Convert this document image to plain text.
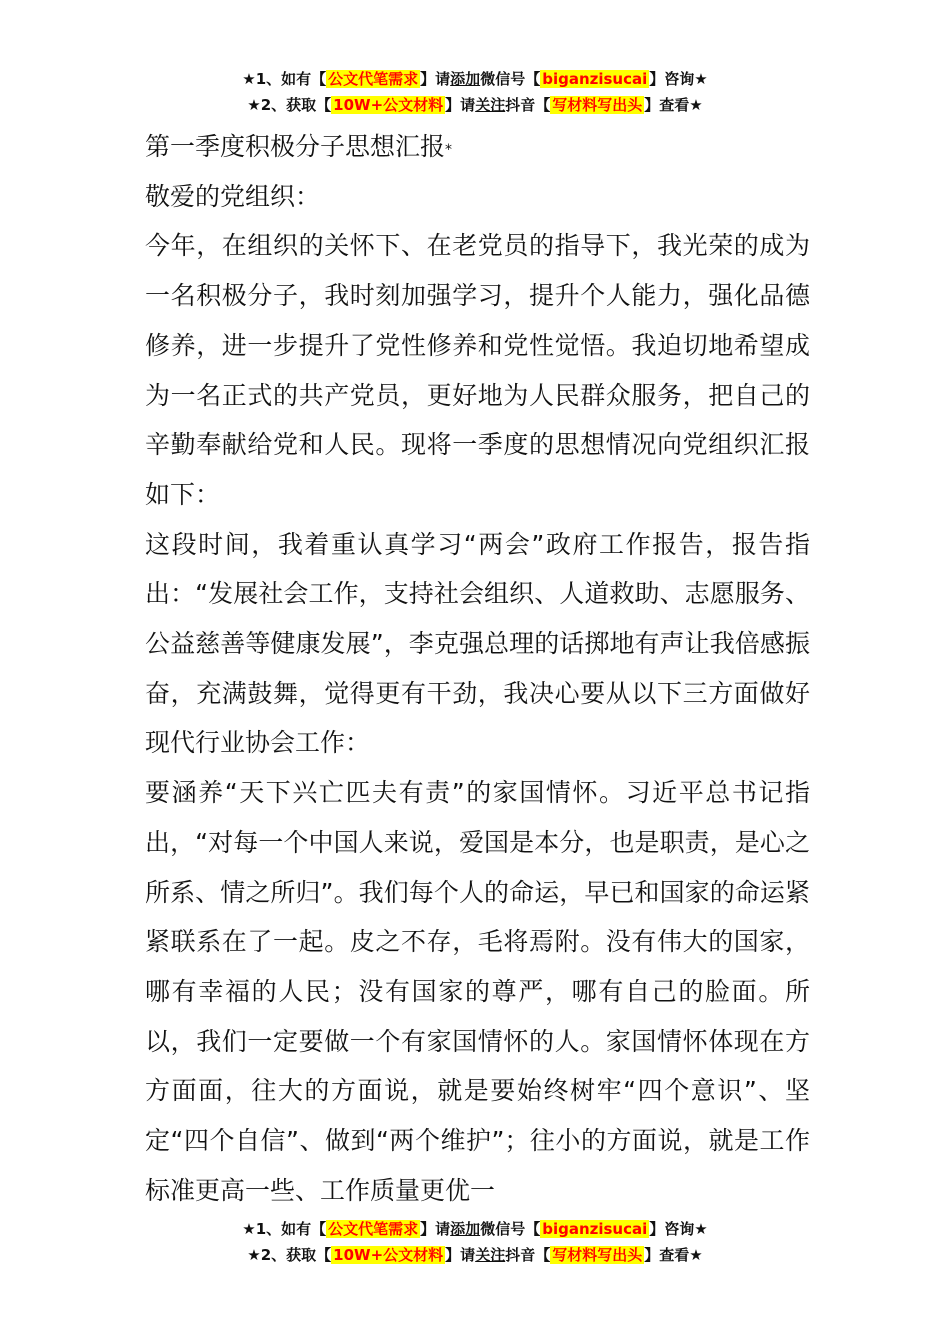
★1、如有【 公文代笔需求 】请添加微信号【 biganzisucai 】咨询★
★2、获取【 10W+公文材料 】请关注抖音【 写材料写出头 】查看★

第一季度积极分子思想汇报*

敬爱的党组织：

今年，在组织的关怀下、在老党员的指导下，我光荣的成为一名积极分子，我时刻加强学习，提升个人能力，强化品德修养，进一步提升了党性修养和党性觉悟。我迫切地希望成为一名正式的共产党员，更好地为人民群众服务，把自己的辛勤奉献给党和人民。现将一季度的思想情况向党组织汇报如下：

这段时间，我着重认真学习“两会”政府工作报告，报告指出：“发展社会工作，支持社会组织、人道救助、志愿服务、公益慈善等健康发展”，李克强总理的话掷地有声让我倍感振奋，充满鼓舞，觉得更有干劲，我决心要从以下三方面做好现代行业协会工作：

要涵养“天下兴亡匹夫有责”的家国情怀。习近平总书记指出，“对每一个中国人来说，爱国是本分，也是职责，是心之所系、情之所归”。我们每个人的命运，早已和国家的命运紧紧联系在了一起。皮之不存，毛将焉附。没有伟大的国家，哪有幸福的人民；没有国家的尊严，哪有自己的脸面。所以，我们一定要做一个有家国情怀的人。家国情怀体现在方方面面，往大的方面说，就是要始终树牢“四个意识”、坚定“四个自信”、做到“两个维护”；往小的方面说，就是工作标准更高一些、工作质量更优一

★1、如有【 公文代笔需求 】请添加微信号【 biganzisucai 】咨询★
★2、获取【 10W+公文材料 】请关注抖音【 写材料写出头 】查看★
